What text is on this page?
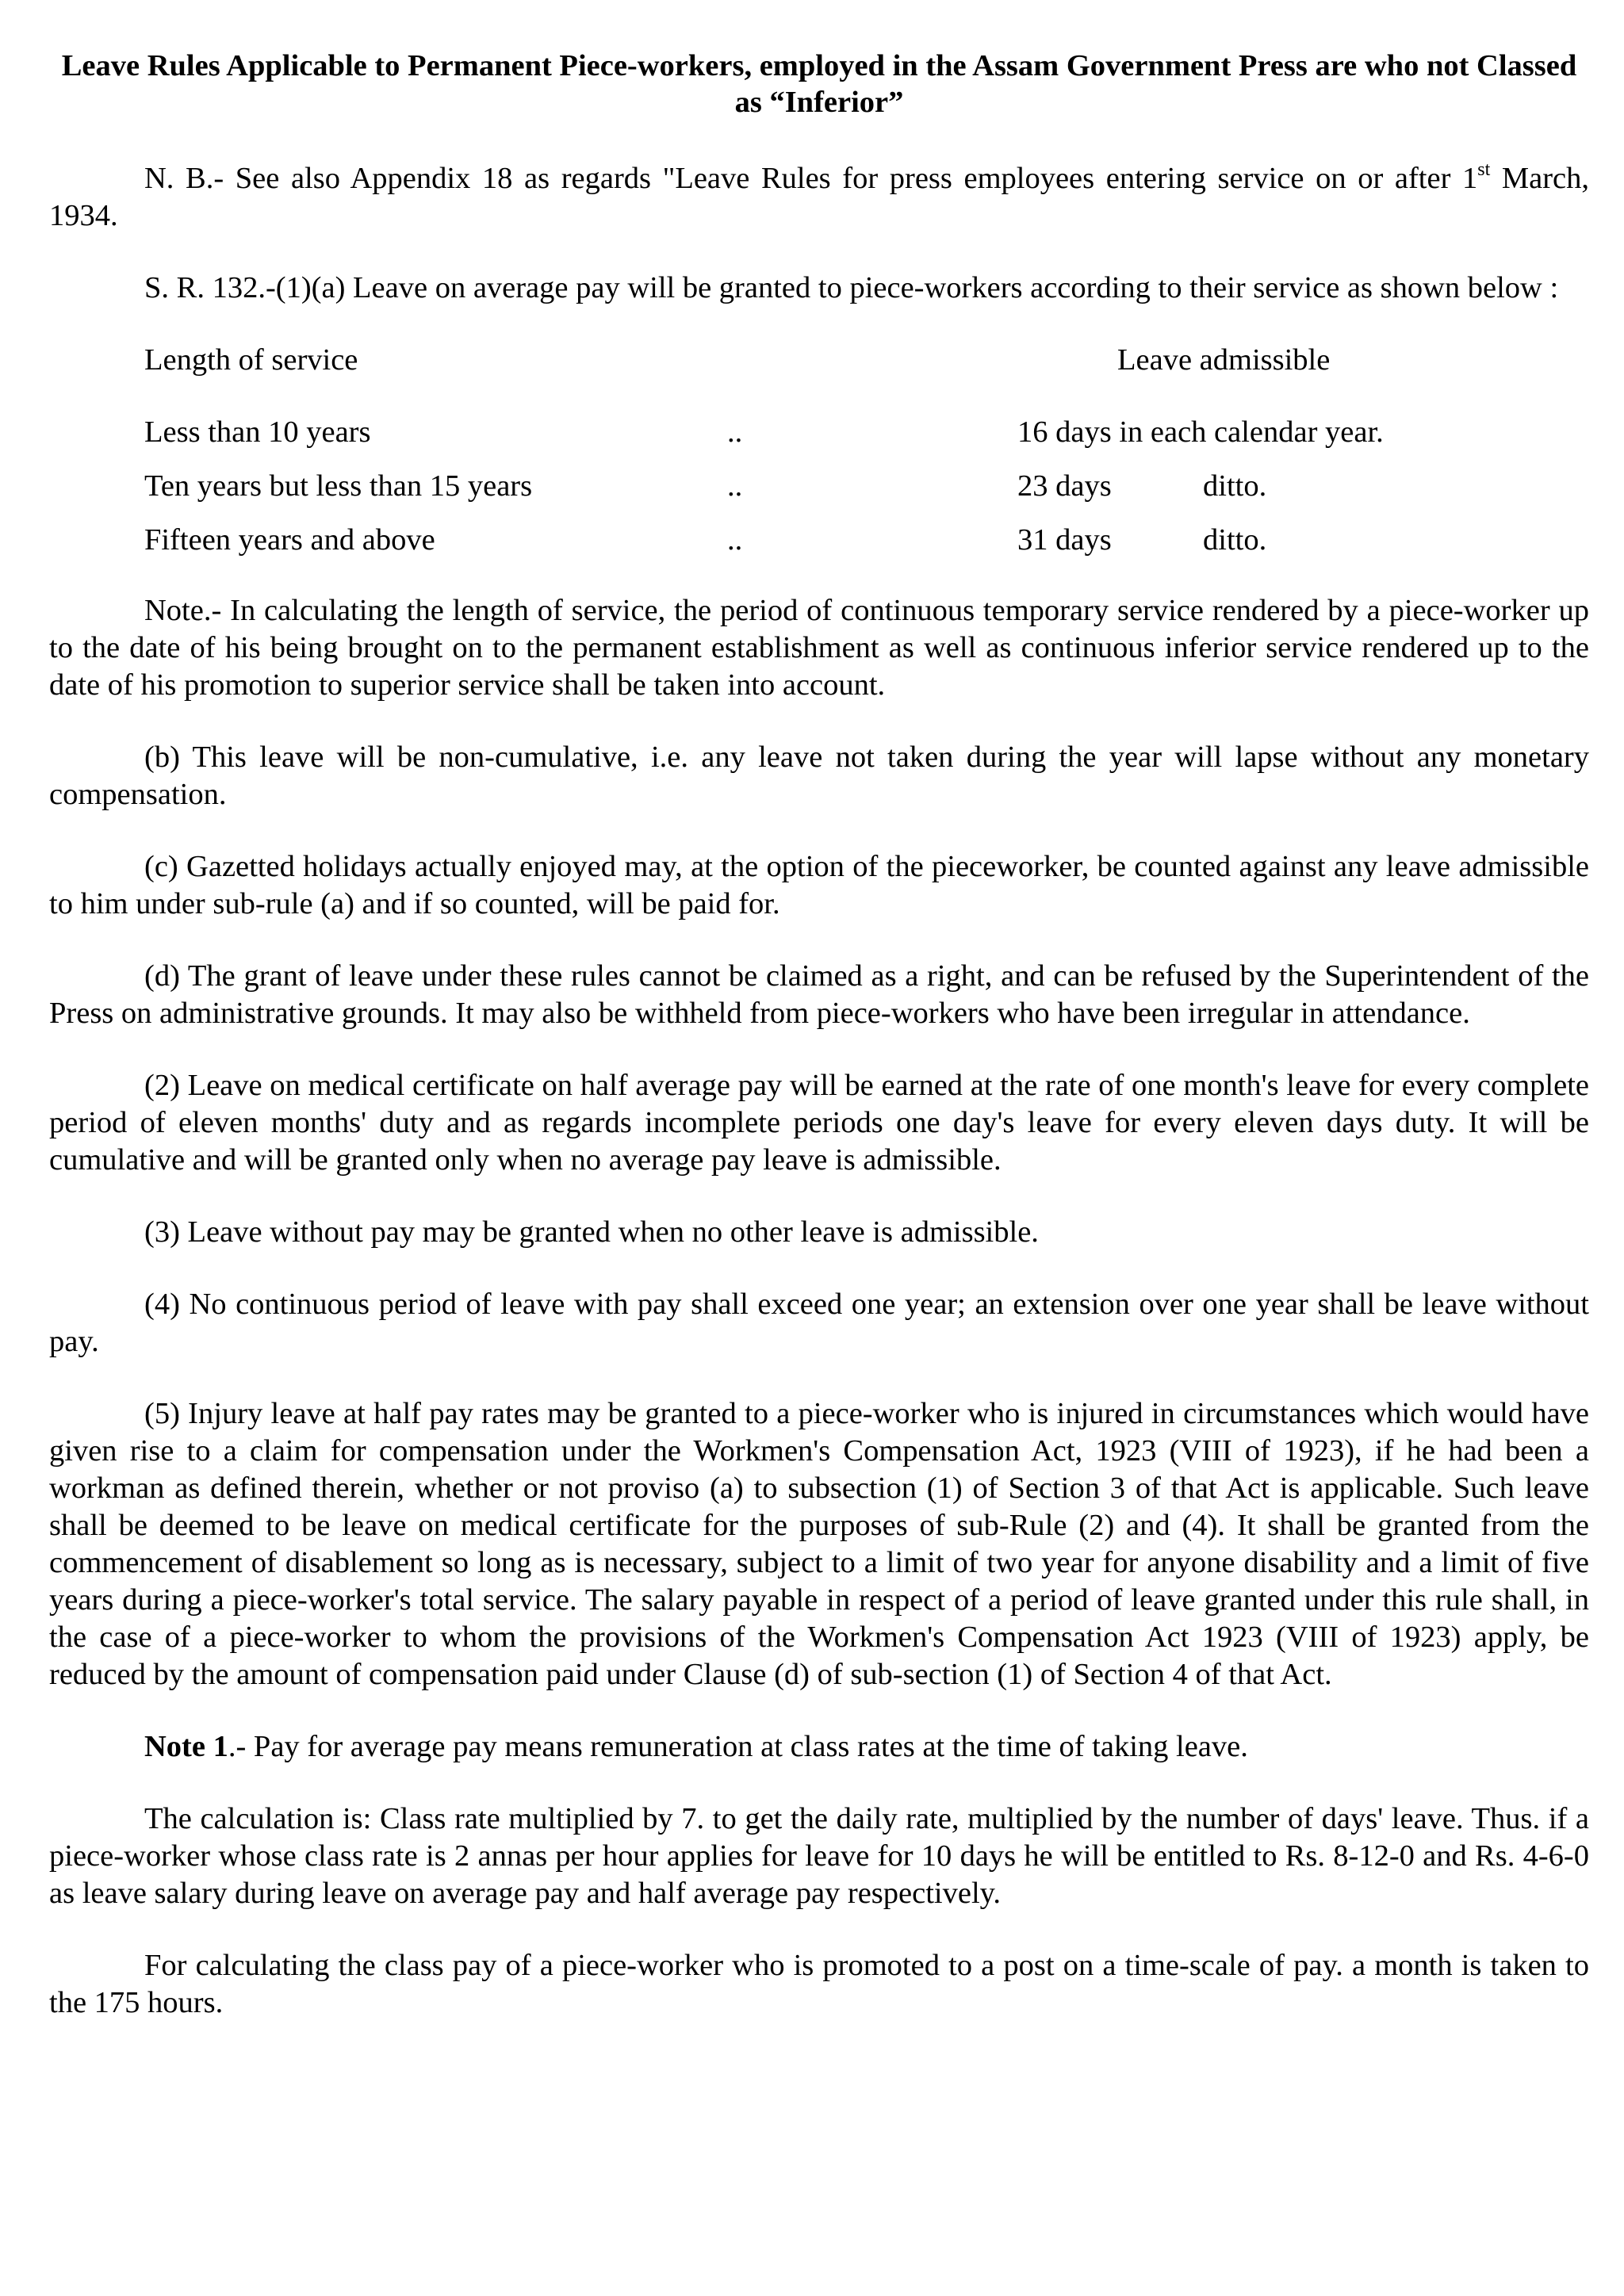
Leave Rules Applicable to Permanent Piece-workers, employed in the Assam Government Press are who not Classed as “Inferior”

N. B.- See also Appendix 18 as regards "Leave Rules for press employees entering service on or after 1st March, 1934.

S. R. 132.-(1)(a) Leave on average pay will be granted to piece-workers according to their service as shown below :

Length of service	Leave admissible
Less than 10 years	..	16 days in each calendar year.
Ten years but less than 15 years	..	23 days	ditto.
Fifteen years and above	..	31 days	ditto.

Note.- In calculating the length of service, the period of continuous temporary service rendered by a piece-worker up to the date of his being brought on to the permanent establishment as well as continuous inferior service rendered up to the date of his promotion to superior service shall be taken into account.

(b) This leave will be non-cumulative, i.e. any leave not taken during the year will lapse without any monetary compensation.

(c) Gazetted holidays actually enjoyed may, at the option of the pieceworker, be counted against any leave admissible to him under sub-rule (a) and if so counted, will be paid for.

(d) The grant of leave under these rules cannot be claimed as a right, and can be refused by the Superintendent of the Press on administrative grounds. It may also be withheld from piece-workers who have been irregular in attendance.

(2) Leave on medical certificate on half average pay will be earned at the rate of one month's leave for every complete period of eleven months' duty and as regards incomplete periods one day's leave for every eleven days duty. It will be cumulative and will be granted only when no average pay leave is admissible.

(3) Leave without pay may be granted when no other leave is admissible.

(4) No continuous period of leave with pay shall exceed one year; an extension over one year shall be leave without pay.

(5) Injury leave at half pay rates may be granted to a piece-worker who is injured in circumstances which would have given rise to a claim for compensation under the Workmen's Compensation Act, 1923 (VIII of 1923), if he had been a workman as defined therein, whether or not proviso (a) to subsection (1) of Section 3 of that Act is applicable. Such leave shall be deemed to be leave on medical certificate for the purposes of sub-Rule (2) and (4). It shall be granted from the commencement of disablement so long as is necessary, subject to a limit of two year for anyone disability and a limit of five years during a piece-worker's total service. The salary payable in respect of a period of leave granted under this rule shall, in the case of a piece-worker to whom the provisions of the Workmen's Compensation Act 1923 (VIII of 1923) apply, be reduced by the amount of compensation paid under Clause (d) of sub-section (1) of Section 4 of that Act.

Note 1.- Pay for average pay means remuneration at class rates at the time of taking leave.

The calculation is: Class rate multiplied by 7. to get the daily rate, multiplied by the number of days' leave. Thus. if a piece-worker whose class rate is 2 annas per hour applies for leave for 10 days he will be entitled to Rs. 8-12-0 and Rs. 4-6-0 as leave salary during leave on average pay and half average pay respectively.

For calculating the class pay of a piece-worker who is promoted to a post on a time-scale of pay. a month is taken to the 175 hours.
